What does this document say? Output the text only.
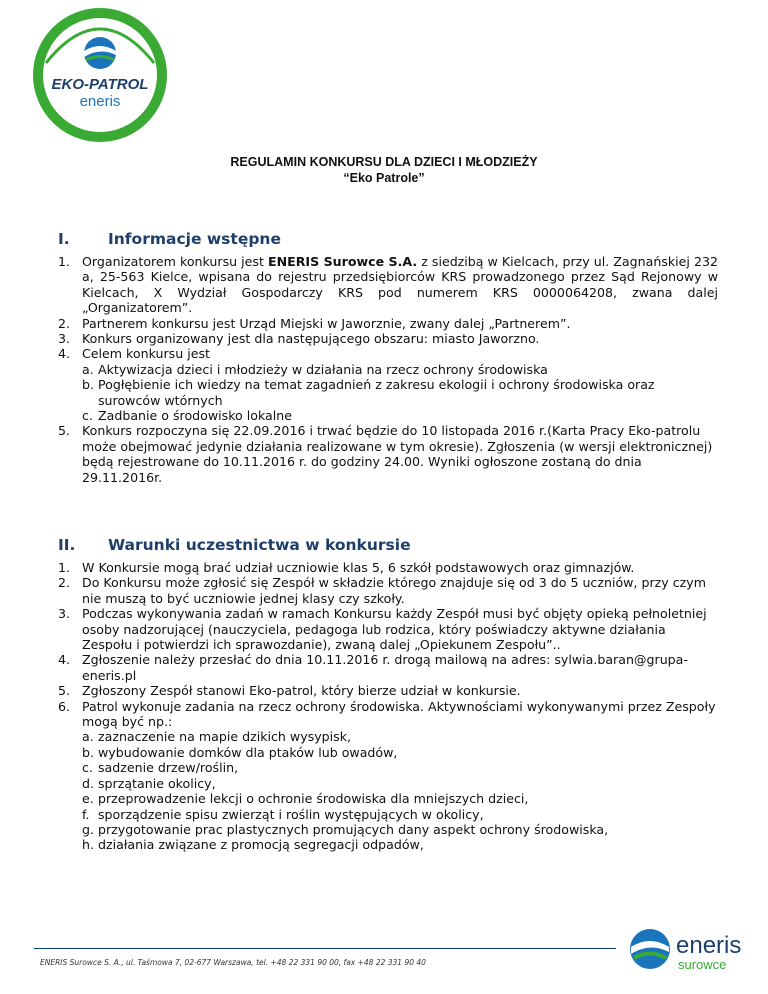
EKO-PATROL
eneris
REGULAMIN KONKURSU DLA DZIECI I MŁODZIEŻY
“Eko Patrole”
I. Informacje wstępne
1. Organizatorem konkursu jest ENERIS Surowce S.A. z siedzibą w Kielcach, przy ul. Zagnańskiej 232 a, 25-563 Kielce, wpisana do rejestru przedsiębiorców KRS prowadzonego przez Sąd Rejonowy w Kielcach, X Wydział Gospodarczy KRS pod numerem KRS 0000064208, zwana dalej „Organizatorem”.
2. Partnerem konkursu jest Urząd Miejski w Jaworznie, zwany dalej „Partnerem”.
3. Konkurs organizowany jest dla następującego obszaru: miasto Jaworzno.
4. Celem konkursu jest
a. Aktywizacja dzieci i młodzieży w działania na rzecz ochrony środowiska
b. Pogłębienie ich wiedzy na temat zagadnień z zakresu ekologii i ochrony środowiska oraz surowców wtórnych
c. Zadbanie o środowisko lokalne
5. Konkurs rozpoczyna się 22.09.2016 i trwać będzie do 10 listopada 2016 r.(Karta Pracy Eko-patrolu może obejmować jedynie działania realizowane w tym okresie). Zgłoszenia (w wersji elektronicznej) będą rejestrowane do 10.11.2016 r. do godziny 24.00. Wyniki ogłoszone zostaną do dnia 29.11.2016r.
II. Warunki uczestnictwa w konkursie
1. W Konkursie mogą brać udział uczniowie klas 5, 6 szkół podstawowych oraz gimnazjów.
2. Do Konkursu może zgłosić się Zespół w składzie którego znajduje się od 3 do 5 uczniów, przy czym nie muszą to być uczniowie jednej klasy czy szkoły.
3. Podczas wykonywania zadań w ramach Konkursu każdy Zespół musi być objęty opieką pełnoletniej osoby nadzorującej (nauczyciela, pedagoga lub rodzica, który poświadczy aktywne działania Zespołu i potwierdzi ich sprawozdanie), zwaną dalej „Opiekunem Zespołu”..
4. Zgłoszenie należy przesłać do dnia 10.11.2016 r. drogą mailową na adres: sylwia.baran@grupa-eneris.pl
5. Zgłoszony Zespół stanowi Eko-patrol, który bierze udział w konkursie.
6. Patrol wykonuje zadania na rzecz ochrony środowiska. Aktywnościami wykonywanymi przez Zespoły mogą być np.:
a. zaznaczenie na mapie dzikich wysypisk,
b. wybudowanie domków dla ptaków lub owadów,
c. sadzenie drzew/roślin,
d. sprzątanie okolicy,
e. przeprowadzenie lekcji o ochronie środowiska dla mniejszych dzieci,
f. sporządzenie spisu zwierząt i roślin występujących w okolicy,
g. przygotowanie prac plastycznych promujących dany aspekt ochrony środowiska,
h. działania związane z promocją segregacji odpadów,
ENERIS Surowce S. A., ul. Taśmowa 7, 02-677 Warszawa, tel. +48 22 331 90 00, fax +48 22 331 90 40
eneris
surowce
